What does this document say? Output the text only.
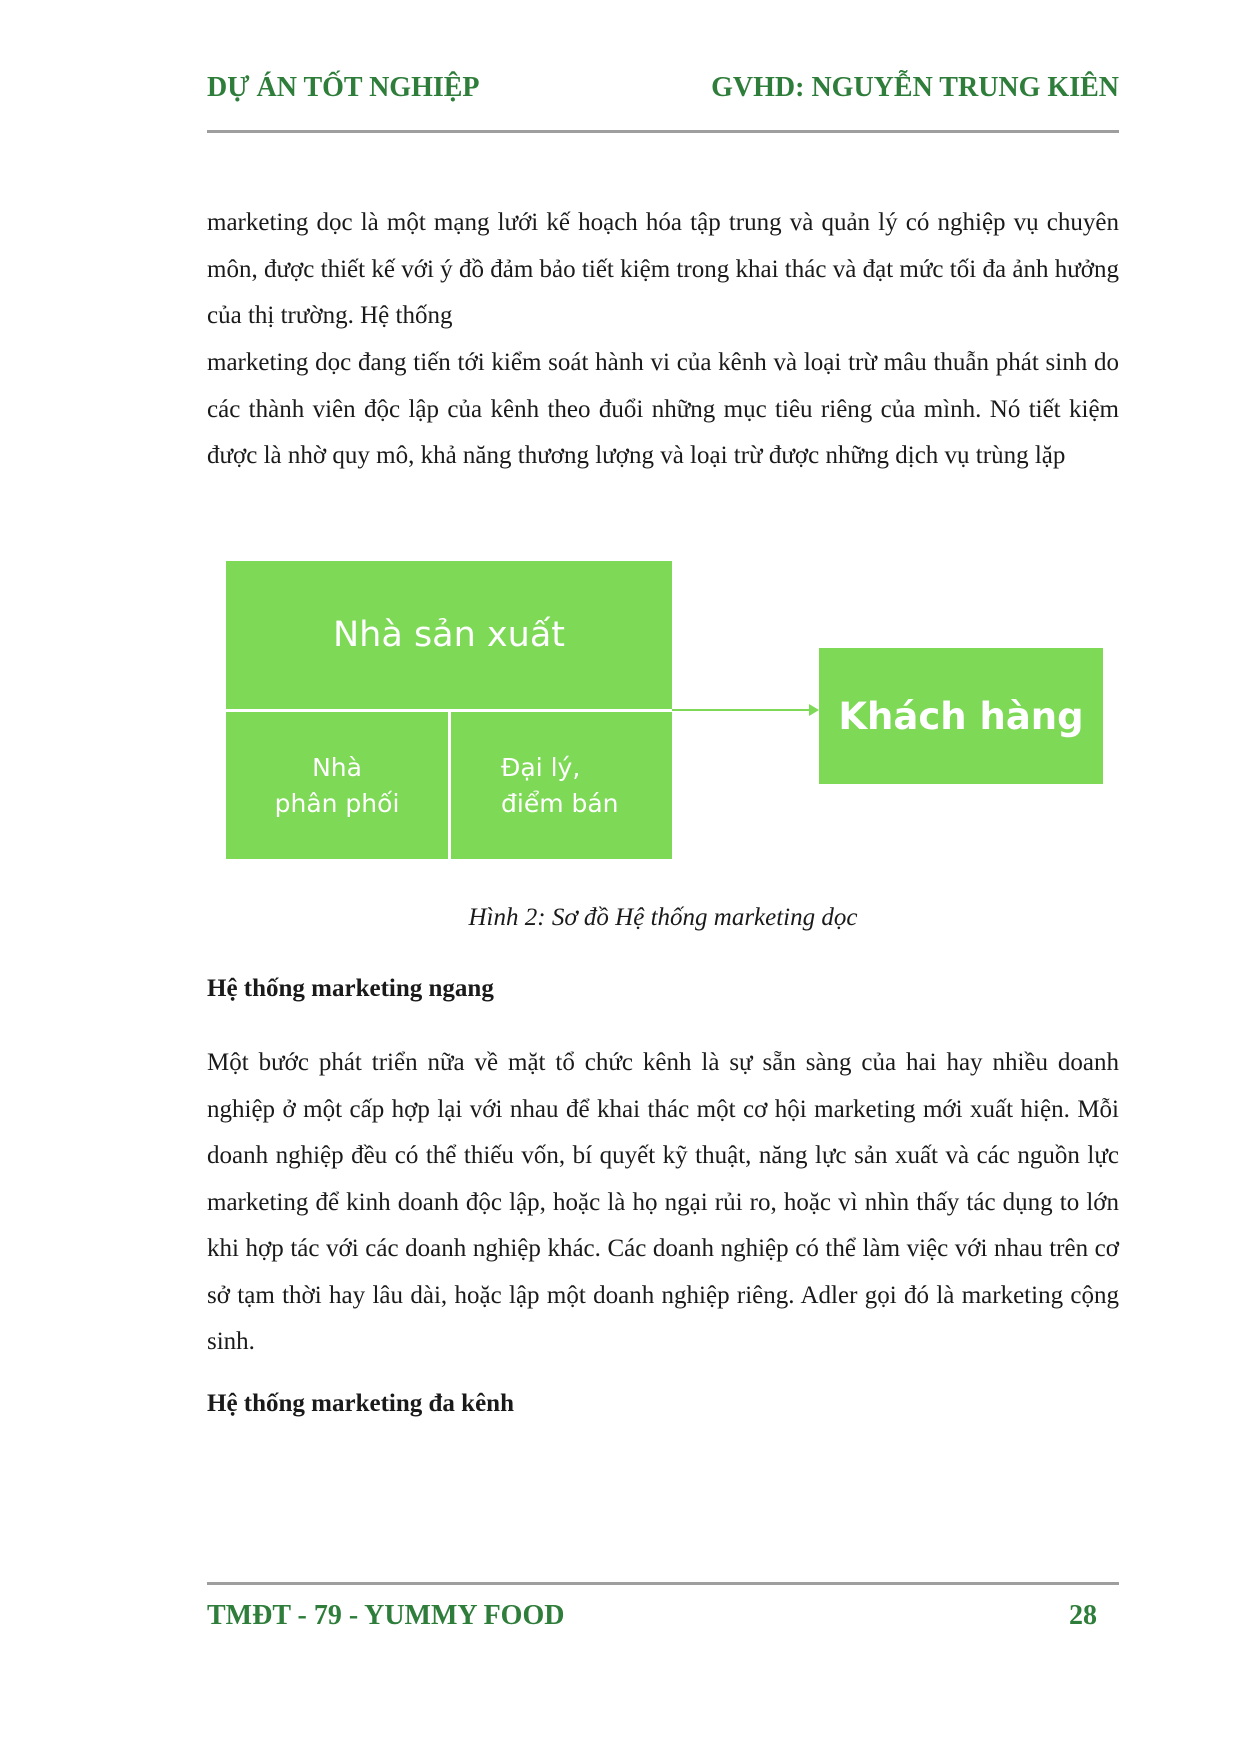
DỰ ÁN TỐT NGHIỆP	GVHD: NGUYỄN TRUNG KIÊN

marketing dọc là một mạng lưới kế hoạch hóa tập trung và quản lý có nghiệp vụ chuyên môn, được thiết kế với ý đồ đảm bảo tiết kiệm trong khai thác và đạt mức tối đa ảnh hưởng của thị trường. Hệ thống

marketing dọc đang tiến tới kiểm soát hành vi của kênh và loại trừ mâu thuẫn phát sinh do các thành viên độc lập của kênh theo đuổi những mục tiêu riêng của mình. Nó tiết kiệm được là nhờ quy mô, khả năng thương lượng và loại trừ được những dịch vụ trùng lặp

Nhà sản xuất
Nhà
phân phối
Đại lý,
điểm bán
Khách hàng

Hình 2: Sơ đồ Hệ thống marketing dọc

Hệ thống marketing ngang

Một bước phát triển nữa về mặt tổ chức kênh là sự sẵn sàng của hai hay nhiều doanh nghiệp ở một cấp hợp lại với nhau để khai thác một cơ hội marketing mới xuất hiện. Mỗi doanh nghiệp đều có thể thiếu vốn, bí quyết kỹ thuật, năng lực sản xuất và các nguồn lực marketing để kinh doanh độc lập, hoặc là họ ngại rủi ro, hoặc vì nhìn thấy tác dụng to lớn khi hợp tác với các doanh nghiệp khác. Các doanh nghiệp có thể làm việc với nhau trên cơ sở tạm thời hay lâu dài, hoặc lập một doanh nghiệp riêng. Adler gọi đó là marketing cộng sinh.

Hệ thống marketing đa kênh

TMĐT - 79 - YUMMY FOOD	28
